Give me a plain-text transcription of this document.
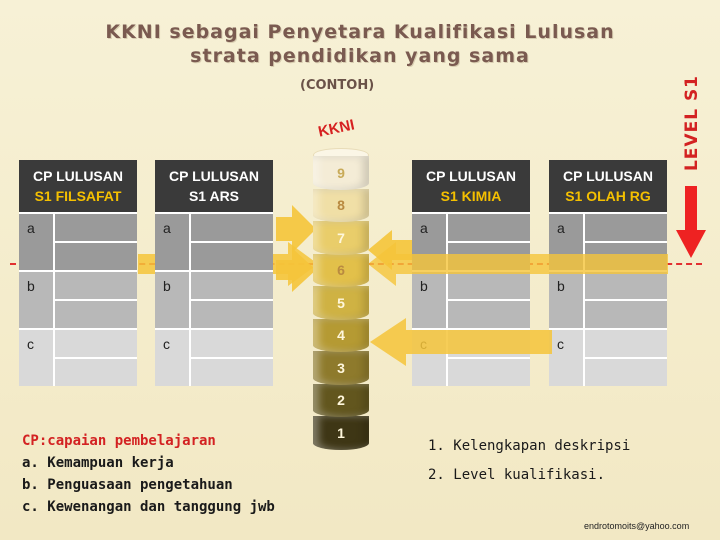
KKNI sebagai Penyetara Kualifikasi Lulusan
strata pendidikan yang sama
(CONTOH)	LEVEL S1
CP LULUSAN
S1 FILSAFAT
a
b
c
CP LULUSAN
S1 ARS
a
b
c
CP LULUSAN
S1 KIMIA
a
b
CP LULUSAN
S1 OLAH RG
a
b
c
KKNI
9
8
7
6
5
4
3
2
1
CP:capaian pembelajaran
a. Kemampuan kerja
b. Penguasaan pengetahuan
c. Kewenangan dan tanggung jwb
1. Kelengkapan deskripsi
2. Level kualifikasi.
endrotomoits@yahoo.com
